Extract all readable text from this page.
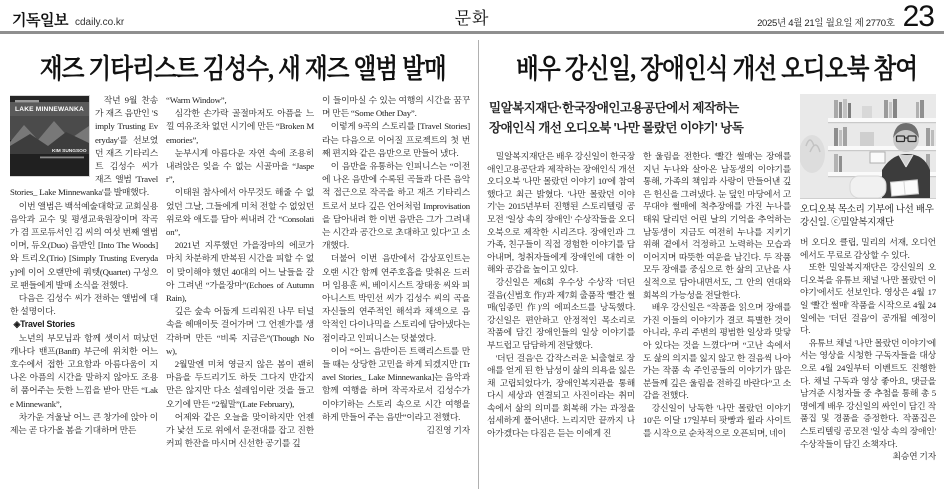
기독일보 cdaily.co.kr	문화	2025년 4월 21일 월요일 제 2770호 23
재즈 기타리스트 김성수, 새 재즈 앨범 발매
LAKE MINNEWANKA
KIM SUNGSOO

작년 9월 찬송가 재즈 음반인 'Simply Trusting Everyday'를 선보였던 재즈 기타리스트 김성수 씨가 재즈 앨범 'Travel Stories_ Lake Minnewanka'를 발매했다.

이번 앨범은 백석예술대학교 교회실용음악과 교수 및 평생교육원장이며 작곡가 겸 프로듀서인 김 씨의 여섯 번째 앨범이며, 듀오(Duo) 음반인 [Into The Woods]와 트리오(Trio) [Simply Trusting Everyday]에 이어 오랜만에 쿼텟(Quartet) 구성으로 팬들에게 발매 소식을 전했다.

다음은 김성수 씨가 전하는 앨범에 대한 설명이다.

◈Travel Stories

노년의 부모님과 함께 셋이서 떠났던 캐나다 밴프(Banff) 부근에 위치한 어느 호수에서 접한 고요함과 아름다움이 지나온 아픔의 시간을 말하지 않아도 조용히 품어주는 듯한 느낌을 받아 만든 “Lake Minnewank”,

차가운 겨울날 어느 큰 창가에 앉아 이제는 곧 다가올 봄을 기대하며 만든

“Warm Window”,

심각한 손가락 골절마저도 아픔을 느낄 여유조차 없던 시기에 만든 “Broken Memories”,

눈부시게 아름다운 자연 속에 조용히 내려앉은 잊을 수 없는 시골마을 “Jasper”,

이태원 참사에서 아무것도 해줄 수 없었던 그날, 그들에게 미처 전할 수 없었던 위로와 애도를 담아 써내려 간 “Consolation”,

2021년 지루했던 가을장마의 에코가 마치 차분하게 반복된 시간을 피할 수 없이 맞이해야 했던 40대의 어느 날들을 갈아 그려낸 “가을장마”(Echoes of Autumn Rain),

깊은 숲속 어둡게 드리워진 나무 터널 속을 헤매이듯 걸어가며 '그 언젠가'를 생각하며 만든 “비록 지금은”(Though Now),

2월말엔 미쳐 영글지 않은 봄이 괜히 마음을 두드리기도 하듯 그다지 반갑지만은 않지만 다소 설레임이란 것을 들고 오기에 만든 “2월말”(Late February),

어제와 같은 오늘을 맞이하지만 언젠가 낯선 도로 위에서 운전대를 잡고 진한 커피 한잔을 마시며 신선한 공기를 깊

이 들이마실 수 있는 여행의 시간을 꿈꾸며 만든 “Some Other Day”.

이렇게 9곡의 스토리를 [Travel Stories]라는 다음으로 이어질 프로젝트의 첫 번째 편지와 같은 음반으로 만들어 냈다.

이 음반을 유통하는 인피니스는 “이전에 나온 음반에 수록된 곡들과 다른 음악적 접근으로 작곡을 하고 재즈 기타리스트로서 보다 깊은 언어처럼 Improvisation을 담아내려 한 이번 음반은 그가 그려내는 시간과 공간으로 초대하고 있다”고 소개했다.

더불어 이번 음반에서 감상포인트는 오랜 시간 함께 연주호흡을 맞춰온 드러머 임용훈 씨, 베이시스트 장태웅 씨와 피아니스트 박민선 씨가 김성수 씨의 곡을 자신들의 연주적인 해석과 채색으로 음악적인 다이나믹을 스토리에 담아냈다는 점이라고 인피니스는 덧붙였다.

이어 “어느 음반이든 트랙리스트를 만들 때는 상당한 고민을 하게 되겠지만 [Travel Stories_ Lake Minnewanka]는 음악과 함께 여행을 하며 작곡자로서 김성수가 이야기하는 스토리 속으로 시간 여행을 하게 만들어 주는 음반”이라고 전했다.

김진영 기자

배우 강신일, 장애인식 개선 오디오북 참여
밀알복지재단·한국장애인고용공단에서 제작하는
장애인식 개선 오디오북 '나만 몰랐던 이야기' 낭독

밀알복지재단은 배우 강신일이 한국장애인고용공단과 제작하는 장애인식 개선 오디오북 '나만 몰랐던 이야기 10'에 참여했다고 최근 밝혔다. '나만 몰랐던 이야기'는 2015년부터 진행된 스토리텔링 공모전 '일상 속의 장애인' 수상작들을 오디오북으로 제작한 시리즈다. 장애인과 그 가족, 친구들이 직접 경험한 이야기를 담아내며, 청취자들에게 장애인에 대한 이해와 공감을 높이고 있다.

강신일은 제6회 우수상 수상작 '더딘 걸음(신범호 作)'과 제7회 출품작 '빨간 썰매(임종민 作)'의 에피소드를 낭독했다. 강신일은 편안하고 안정적인 목소리로 작품에 담긴 장애인들의 일상 이야기를 부드럽고 담담하게 전달했다.

'더딘 걸음'은 갑작스러운 뇌출혈로 장애를 얻게 된 한 남성이 삶의 의욕을 잃은 채 고립되었다가, 장애인복지관을 통해 다시 세상과 연결되고 사진이라는 취미 속에서 삶의 의미를 회복해 가는 과정을 섬세하게 풀어낸다. 느리지만 끝까지 나아가겠다는 다짐은 듣는 이에게 진

한 울림을 전한다. '빨간 썰매'는 장애를 지닌 누나와 살아온 남동생의 이야기를 통해, 가족의 책임과 사랑이 만들어낸 깊은 헌신을 그려냈다. 눈 덮인 마당에서 고무대야 썰매에 척추장애를 가진 누나를 태워 달리던 어린 날의 기억을 추억하는 남동생이 지금도 여전히 누나를 지키기 위해 곁에서 걱정하고 노력하는 모습과 이어지며 따뜻한 여운을 남긴다. 두 작품 모두 장애를 중심으로 한 삶의 고난을 사실적으로 담아내면서도, 그 안의 연대와 회복의 가능성을 전달한다.

배우 강신일은 “작품을 읽으며 장애를 가진 이들의 이야기가 결코 특별한 것이 아니라, 우리 주변의 평범한 일상과 맞닿아 있다는 것을 느꼈다”며 “고난 속에서도 삶의 의지를 잃지 않고 한 걸음씩 나아가는 작품 속 주인공들의 이야기가 많은 분들께 깊은 울림을 전하길 바란다”고 소감을 전했다.

강신일이 낭독한 '나만 몰랐던 이야기 10'은 이달 17일부터 팟빵과 윌라 사이트를 시작으로 순차적으로 오픈되며, 네이

오디오북 목소리 기부에 나선 배우 강신일. ⓒ밀알복지재단

버 오디오 클립, 밀리의 서재, 오디언에서도 무료로 감상할 수 있다.

또한 밀알복지재단은 강신일의 오디오북을 유튜브 채널 '나만 몰랐던 이야기'에서도 선보인다. 영상은 4월 17일 '빨간 썰매' 작품을 시작으로 4월 24일에는 '더딘 걸음'이 공개될 예정이다.

유튜브 채널 '나만 몰랐던 이야기'에서는 영상을 시청한 구독자들을 대상으로 4월 24일부터 이벤트도 진행한다. 채널 구독과 영상 좋아요, 댓글을 남겨준 시청자들 중 추첨을 통해 총 5명에게 배우 강신일의 싸인이 담긴 작품집 및 경품을 증정한다. 작품집은 스토리텔링 공모전 '일상 속의 장애인' 수상작들이 담긴 소책자다.

최승연 기자
